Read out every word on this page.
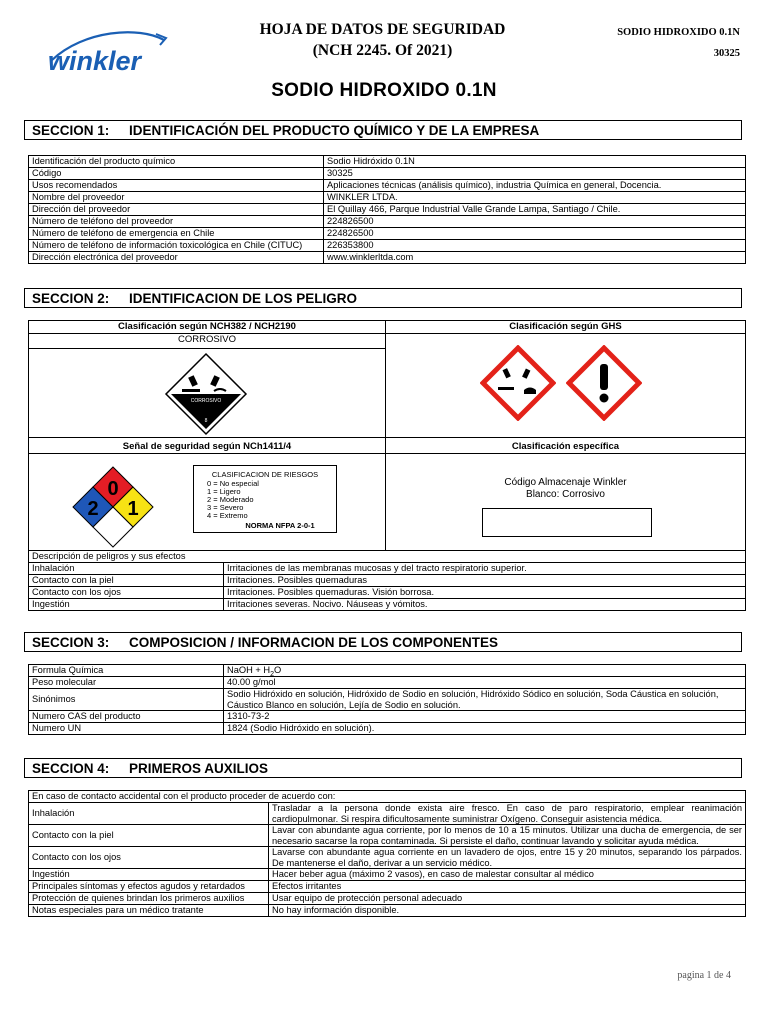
winkler
HOJA DE DATOS DE SEGURIDAD
(NCH 2245. Of 2021)
SODIO HIDROXIDO 0.1N
30325
SODIO HIDROXIDO 0.1N
SECCION 1: IDENTIFICACIÓN DEL PRODUCTO QUÍMICO Y DE LA EMPRESA
Identificación del producto químico	Sodio Hidróxido 0.1N
Código	30325
Usos recomendados	Aplicaciones técnicas (análisis químico), industria Química en general, Docencia.
Nombre del proveedor	WINKLER LTDA.
Dirección del proveedor	El Quillay 466, Parque Industrial Valle Grande Lampa, Santiago / Chile.
Número de teléfono del proveedor	224826500
Número de teléfono de emergencia en Chile	224826500
Número de teléfono de información toxicológica en Chile (CITUC)	226353800
Dirección electrónica del proveedor	www.winklerltda.com
SECCION 2: IDENTIFICACION DE LOS PELIGRO
Clasificación según NCH382 / NCH2190
CORROSIVO
CORROSIVO
8
Clasificación según GHS
Señal de seguridad según NCh1411/4
0
2 1
CLASIFICACION DE RIESGOS
0 = No especial
1 = Ligero
2 = Moderado
3 = Severo
4 = Extremo
NORMA NFPA 2-0-1
Clasificación específica
Código Almacenaje Winkler
Blanco: Corrosivo
Descripción de peligros y sus efectos	
Inhalación	Irritaciones de las membranas mucosas y del tracto respiratorio superior.
Contacto con la piel	Irritaciones. Posibles quemaduras
Contacto con los ojos	Irritaciones. Posibles quemaduras. Visión borrosa.
Ingestión	Irritaciones severas. Nocivo. Náuseas y vómitos.
SECCION 3: COMPOSICION / INFORMACION DE LOS COMPONENTES
Formula Química	NaOH + $H_2O$
Peso molecular	40.00 g/mol
Sinónimos	Sodio Hidróxido en solución, Hidróxido de Sodio en solución, Hidróxido Sódico en solución, Soda Cáustica en solución, Cáustico Blanco en solución, Lejía de Sodio en solución.
Numero CAS del producto	1310-73-2
Numero UN	1824 (Sodio Hidróxido en solución).
SECCION 4: PRIMEROS AUXILIOS
En caso de contacto accidental con el producto proceder de acuerdo con:	
Inhalación	Trasladar a la persona donde exista aire fresco. En caso de paro respiratorio, emplear reanimación cardiopulmonar. Si respira dificultosamente suministrar Oxígeno. Conseguir asistencia médica.
Contacto con la piel	Lavar con abundante agua corriente, por lo menos de 10 a 15 minutos. Utilizar una ducha de emergencia, de ser necesario sacarse la ropa contaminada. Si persiste el daño, continuar lavando y solicitar ayuda médica.
Contacto con los ojos	Lavarse con abundante agua corriente en un lavadero de ojos, entre 15 y 20 minutos, separando los párpados. De mantenerse el daño, derivar a un servicio médico.
Ingestión	Hacer beber agua (máximo 2 vasos), en caso de malestar consultar al médico
Principales síntomas y efectos agudos y retardados	Efectos irritantes
Protección de quienes brindan los primeros auxilios	Usar equipo de protección personal adecuado
Notas especiales para un médico tratante	No hay información disponible.
pagina 1 de 4
